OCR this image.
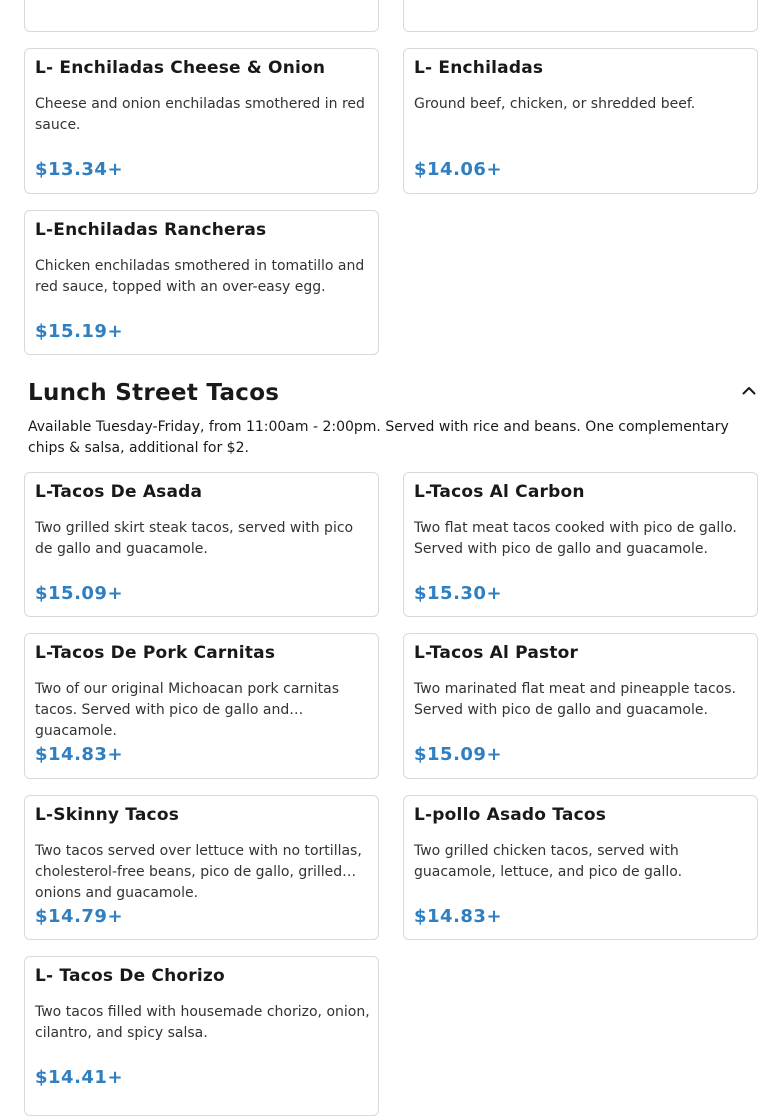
L- Enchiladas Cheese & Onion
Cheese and onion enchiladas smothered in red sauce.
$13.34+
L- Enchiladas
Ground beef, chicken, or shredded beef.
$14.06+
L-Enchiladas Rancheras
Chicken enchiladas smothered in tomatillo and red sauce, topped with an over-easy egg.
$15.19+
Lunch Street Tacos
Available Tuesday-Friday, from 11:00am - 2:00pm. Served with rice and beans. One complementary chips & salsa, additional for $2.
L-Tacos De Asada
Two grilled skirt steak tacos, served with pico de gallo and guacamole.
$15.09+
L-Tacos Al Carbon
Two flat meat tacos cooked with pico de gallo. Served with pico de gallo and guacamole.
$15.30+
L-Tacos De Pork Carnitas
Two of our original Michoacan pork carnitas tacos. Served with pico de gallo and guacamole.
$14.83+
L-Tacos Al Pastor
Two marinated flat meat and pineapple tacos. Served with pico de gallo and guacamole.
$15.09+
L-Skinny Tacos
Two tacos served over lettuce with no tortillas, cholesterol-free beans, pico de gallo, grilled onions and guacamole.
$14.79+
L-pollo Asado Tacos
Two grilled chicken tacos, served with guacamole, lettuce, and pico de gallo.
$14.83+
L- Tacos De Chorizo
Two tacos filled with housemade chorizo, onion, cilantro, and spicy salsa.
$14.41+
